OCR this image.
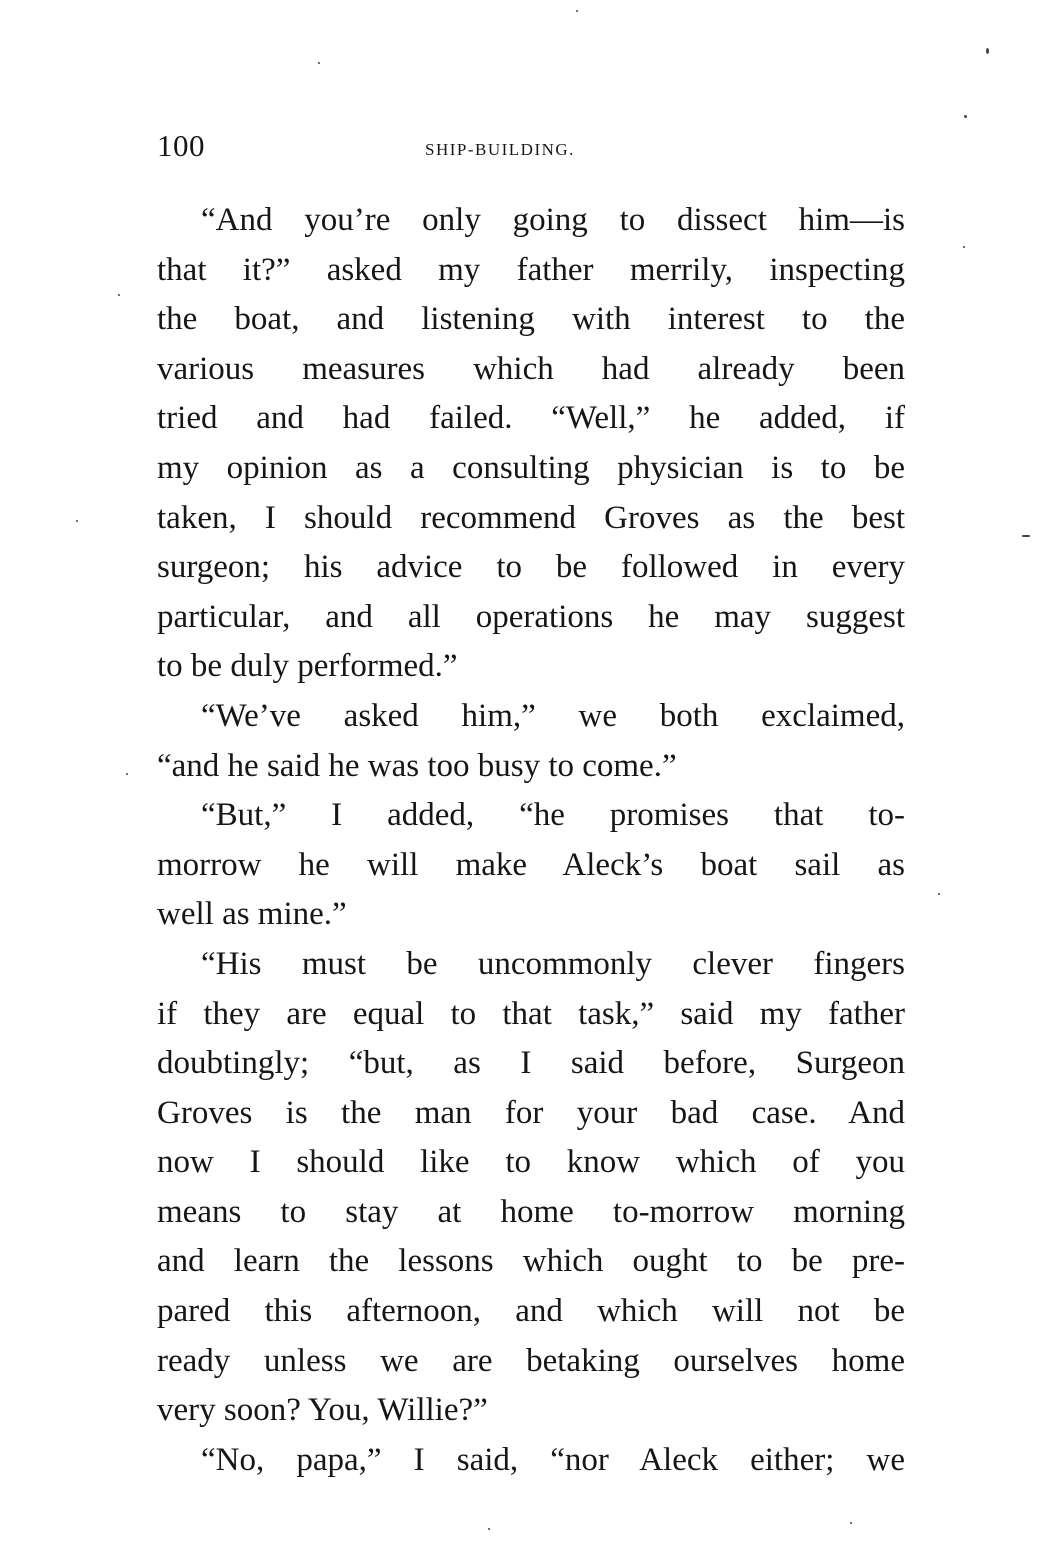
100	SHIP-BUILDING.
“And you’re only going to dissect him—is
that it?” asked my father merrily, inspecting
the boat, and listening with interest to the
various measures which had already been
tried and had failed. “Well,” he added, if
my opinion as a consulting physician is to be
taken, I should recommend Groves as the best
surgeon; his advice to be followed in every
particular, and all operations he may suggest
to be duly performed.”
“We’ve asked him,” we both exclaimed,
“and he said he was too busy to come.”
“But,” I added, “he promises that to-
morrow he will make Aleck’s boat sail as
well as mine.”
“His must be uncommonly clever fingers
if they are equal to that task,” said my father
doubtingly; “but, as I said before, Surgeon
Groves is the man for your bad case. And
now I should like to know which of you
means to stay at home to-morrow morning
and learn the lessons which ought to be pre-
pared this afternoon, and which will not be
ready unless we are betaking ourselves home
very soon? You, Willie?”
“No, papa,” I said, “nor Aleck either; we
